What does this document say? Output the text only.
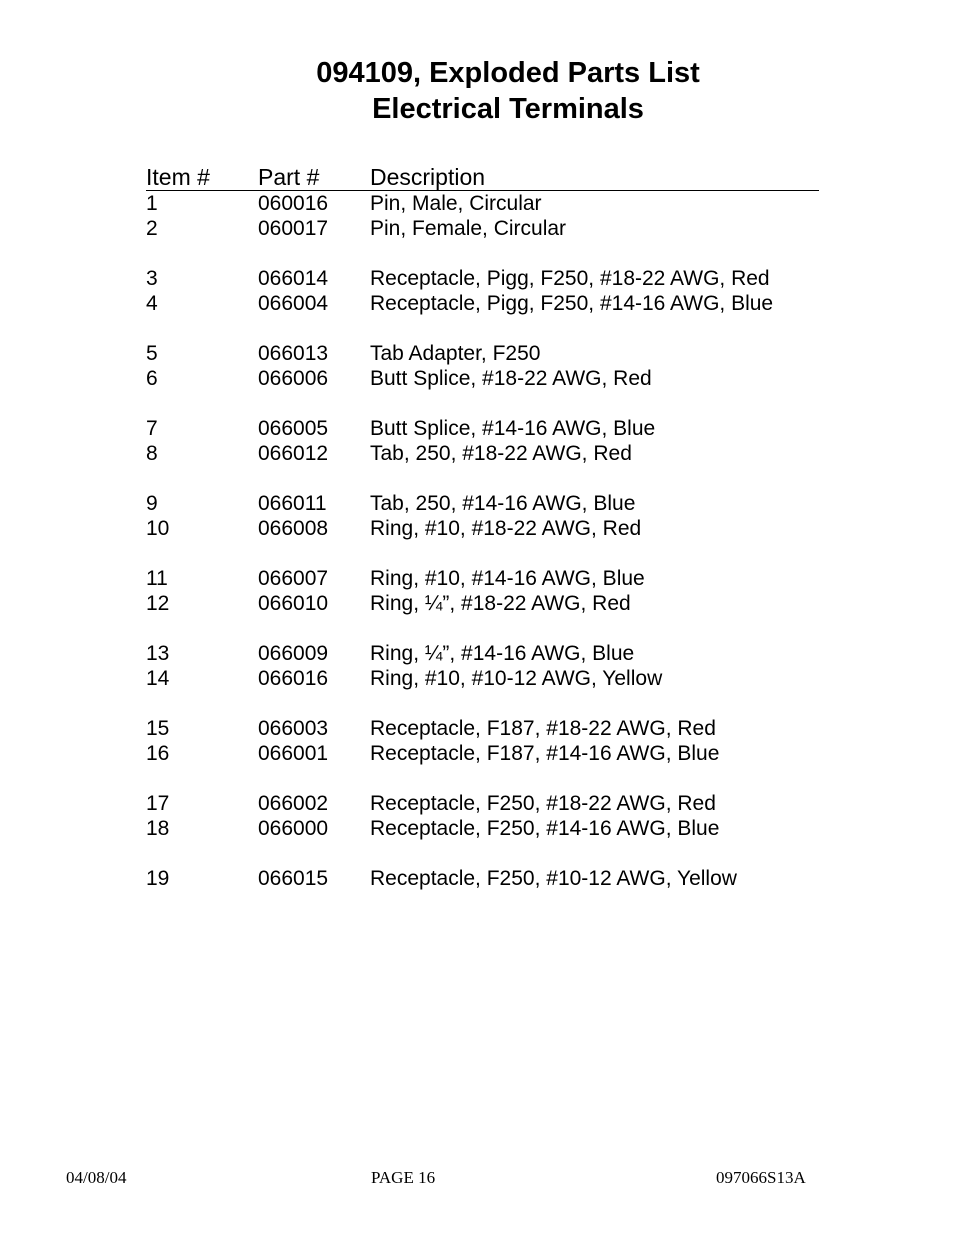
094109, Exploded Parts List
Electrical Terminals
Item # Part # Description
1	060016 Pin, Male, Circular
2	060017 Pin, Female, Circular
3	066014 Receptacle, Pigg, F250, #18-22 AWG, Red
4	066004 Receptacle, Pigg, F250, #14-16 AWG, Blue
5	066013 Tab Adapter, F250
6	066006 Butt Splice, #18-22 AWG, Red
7	066005 Butt Splice, #14-16 AWG, Blue
8	066012 Tab, 250, #18-22 AWG, Red
9	066011 Tab, 250, #14-16 AWG, Blue
10	066008 Ring, #10, #18-22 AWG, Red
11	066007 Ring, #10, #14-16 AWG, Blue
12	066010 Ring, ¼”, #18-22 AWG, Red
13	066009 Ring, ¼”, #14-16 AWG, Blue
14	066016 Ring, #10, #10-12 AWG, Yellow
15	066003 Receptacle, F187, #18-22 AWG, Red
16	066001 Receptacle, F187, #14-16 AWG, Blue
17	066002 Receptacle, F250, #18-22 AWG, Red
18	066000 Receptacle, F250, #14-16 AWG, Blue
19	066015 Receptacle, F250, #10-12 AWG, Yellow
04/08/04	PAGE 16	097066S13A
